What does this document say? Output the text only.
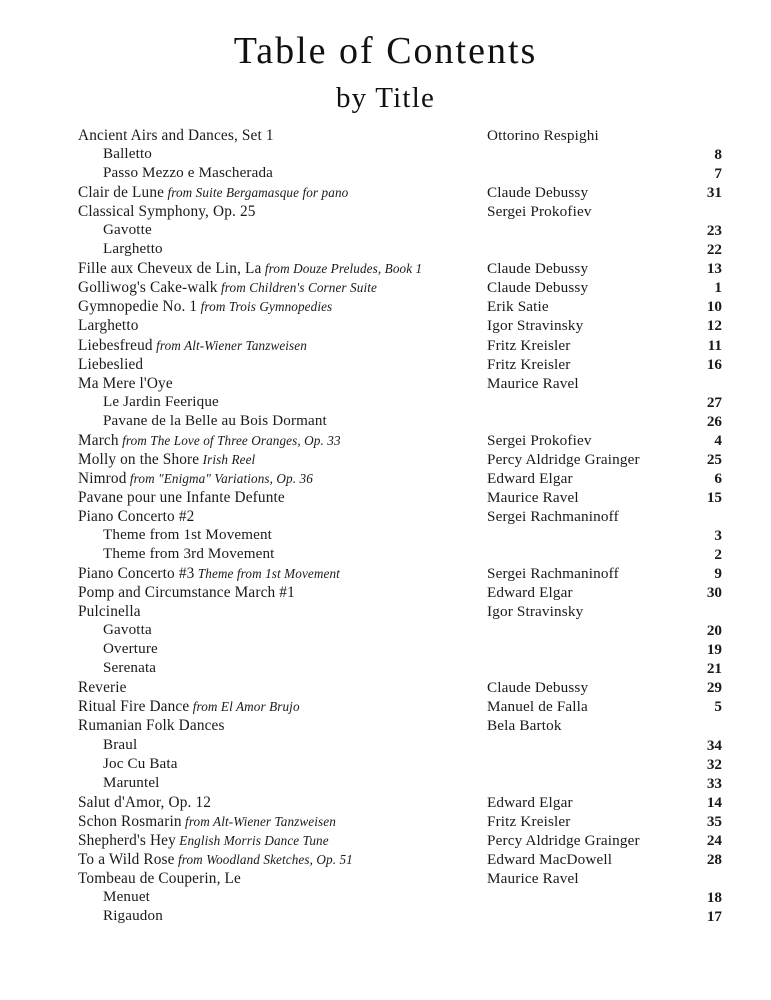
Table of Contents
by Title
Ancient Airs and Dances, Set 1	Ottorino Respighi
Balletto	8
Passo Mezzo e Mascherada	7
Clair de Lune from Suite Bergamasque for pano	Claude Debussy	31
Classical Symphony, Op. 25	Sergei Prokofiev
Gavotte	23
Larghetto	22
Fille aux Cheveux de Lin, La from Douze Preludes, Book 1	Claude Debussy	13
Golliwog's Cake-walk from Children's Corner Suite	Claude Debussy	1
Gymnopedie No. 1 from Trois Gymnopedies	Erik Satie	10
Larghetto	Igor Stravinsky	12
Liebesfreud from Alt-Wiener Tanzweisen	Fritz Kreisler	11
Liebeslied	Fritz Kreisler	16
Ma Mere l'Oye	Maurice Ravel
Le Jardin Feerique	27
Pavane de la Belle au Bois Dormant	26
March from The Love of Three Oranges, Op. 33	Sergei Prokofiev	4
Molly on the Shore Irish Reel	Percy Aldridge Grainger	25
Nimrod from "Enigma" Variations, Op. 36	Edward Elgar	6
Pavane pour une Infante Defunte	Maurice Ravel	15
Piano Concerto #2	Sergei Rachmaninoff
Theme from 1st Movement	3
Theme from 3rd Movement	2
Piano Concerto #3 Theme from 1st Movement	Sergei Rachmaninoff	9
Pomp and Circumstance March #1	Edward Elgar	30
Pulcinella	Igor Stravinsky
Gavotta	20
Overture	19
Serenata	21
Reverie	Claude Debussy	29
Ritual Fire Dance from El Amor Brujo	Manuel de Falla	5
Rumanian Folk Dances	Bela Bartok
Braul	34
Joc Cu Bata	32
Maruntel	33
Salut d'Amor, Op. 12	Edward Elgar	14
Schon Rosmarin from Alt-Wiener Tanzweisen	Fritz Kreisler	35
Shepherd's Hey English Morris Dance Tune	Percy Aldridge Grainger	24
To a Wild Rose from Woodland Sketches, Op. 51	Edward MacDowell	28
Tombeau de Couperin, Le	Maurice Ravel
Menuet	18
Rigaudon	17
